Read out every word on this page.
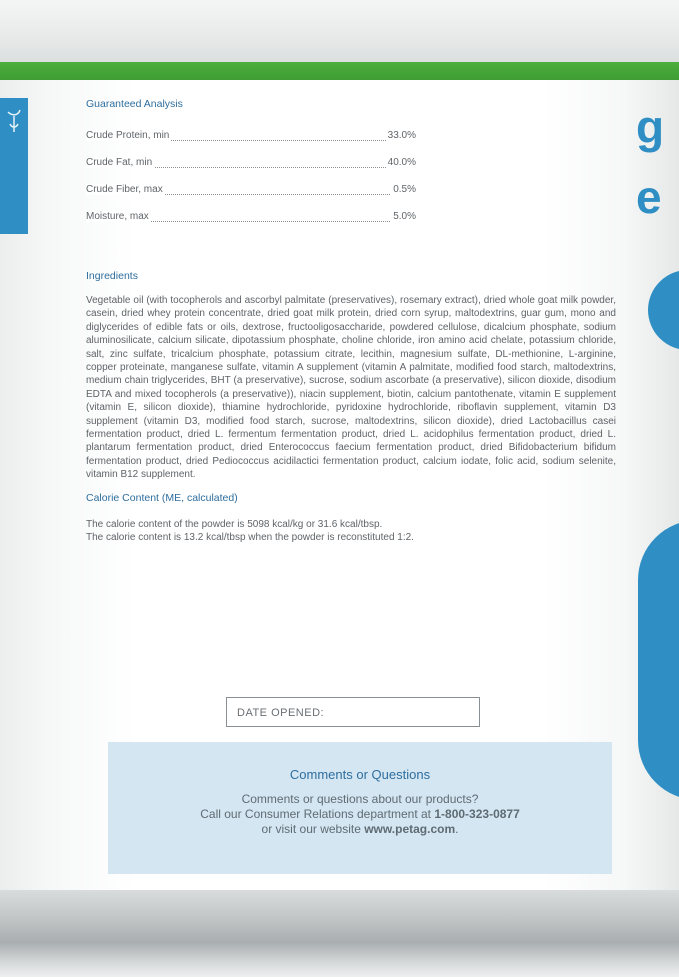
g
e
Guaranteed Analysis
Crude Protein, min	33.0%
Crude Fat, min	40.0%
Crude Fiber, max	0.5%
Moisture, max	5.0%
Ingredients

Vegetable oil (with tocopherols and ascorbyl palmitate (preservatives), rosemary extract), dried whole goat milk powder, casein, dried whey protein concentrate, dried goat milk protein, dried corn syrup, maltodextrins, guar gum, mono and diglycerides of edible fats or oils, dextrose, fructooligosaccharide, powdered cellulose, dicalcium phosphate, sodium aluminosilicate, calcium silicate, dipotassium phosphate, choline chloride, iron amino acid chelate, potassium chloride, salt, zinc sulfate, tricalcium phosphate, potassium citrate, lecithin, magnesium sulfate, DL-methionine, L-arginine, copper proteinate, manganese sulfate, vitamin A supplement (vitamin A palmitate, modified food starch, maltodextrins, medium chain triglycerides, BHT (a preservative), sucrose, sodium ascorbate (a preservative), silicon dioxide, disodium EDTA and mixed tocopherols (a preservative)), niacin supplement, biotin, calcium pantothenate, vitamin E supplement (vitamin E, silicon dioxide), thiamine hydrochloride, pyridoxine hydrochloride, riboflavin supplement, vitamin D3 supplement (vitamin D3, modified food starch, sucrose, maltodextrins, silicon dioxide), dried Lactobacillus casei fermentation product, dried L. fermentum fermentation product, dried L. acidophilus fermentation product, dried L. plantarum fermentation product, dried Enterococcus faecium fermentation product, dried Bifidobacterium bifidum fermentation product, dried Pediococcus acidilactici fermentation product, calcium iodate, folic acid, sodium selenite, vitamin B12 supplement.

Calorie Content (ME, calculated)

The calorie content of the powder is 5098 kcal/kg or 31.6 kcal/tbsp.

The calorie content is 13.2 kcal/tbsp when the powder is reconstituted 1:2.

DATE OPENED:
Comments or Questions
Comments or questions about our products?
Call our Consumer Relations department at 1-800-323-0877
or visit our website www.petag.com.
